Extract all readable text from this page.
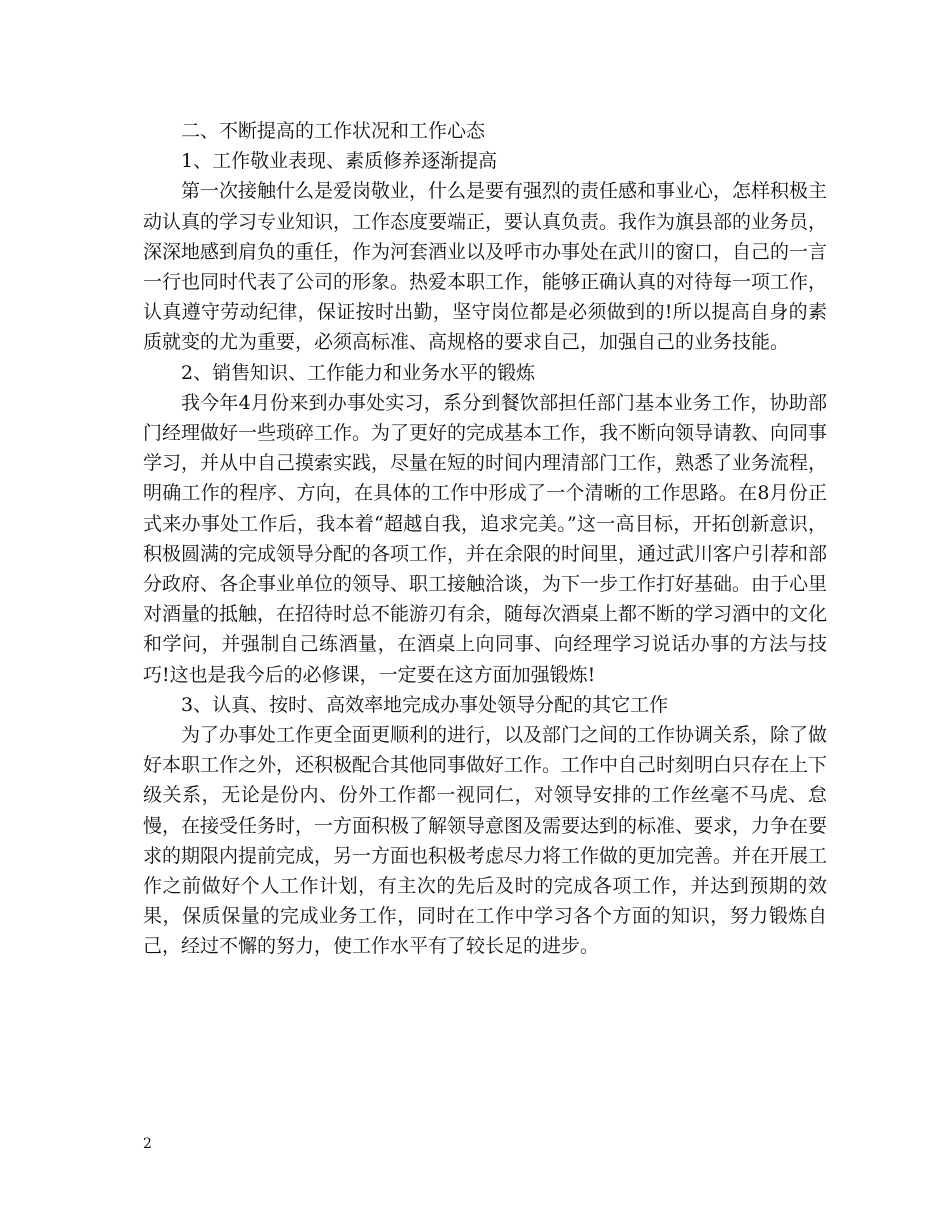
二、不断提高的工作状况和工作心态

1、工作敬业表现、素质修养逐渐提高

第一次接触什么是爱岗敬业，什么是要有强烈的责任感和事业心，怎样积极主动认真的学习专业知识，工作态度要端正，要认真负责。我作为旗县部的业务员，深深地感到肩负的重任，作为河套酒业以及呼市办事处在武川的窗口，自己的一言一行也同时代表了公司的形象。热爱本职工作，能够正确认真的对待每一项工作，认真遵守劳动纪律，保证按时出勤，坚守岗位都是必须做到的!所以提高自身的素质就变的尤为重要，必须高标准、高规格的要求自己，加强自己的业务技能。

2、销售知识、工作能力和业务水平的锻炼

我今年4月份来到办事处实习，系分到餐饮部担任部门基本业务工作，协助部门经理做好一些琐碎工作。为了更好的完成基本工作，我不断向领导请教、向同事学习，并从中自己摸索实践，尽量在短的时间内理清部门工作，熟悉了业务流程，明确工作的程序、方向，在具体的工作中形成了一个清晰的工作思路。在8月份正式来办事处工作后，我本着“超越自我，追求完美。”这一高目标，开拓创新意识，积极圆满的完成领导分配的各项工作，并在余限的时间里，通过武川客户引荐和部分政府、各企事业单位的领导、职工接触洽谈，为下一步工作打好基础。由于心里对酒量的抵触，在招待时总不能游刃有余，随每次酒桌上都不断的学习酒中的文化和学问，并强制自己练酒量，在酒桌上向同事、向经理学习说话办事的方法与技巧!这也是我今后的必修课，一定要在这方面加强锻炼!

3、认真、按时、高效率地完成办事处领导分配的其它工作

为了办事处工作更全面更顺利的进行，以及部门之间的工作协调关系，除了做好本职工作之外，还积极配合其他同事做好工作。工作中自己时刻明白只存在上下级关系，无论是份内、份外工作都一视同仁，对领导安排的工作丝毫不马虎、怠慢，在接受任务时，一方面积极了解领导意图及需要达到的标准、要求，力争在要求的期限内提前完成，另一方面也积极考虑尽力将工作做的更加完善。并在开展工作之前做好个人工作计划，有主次的先后及时的完成各项工作，并达到预期的效果，保质保量的完成业务工作，同时在工作中学习各个方面的知识，努力锻炼自己，经过不懈的努力，使工作水平有了较长足的进步。

2
